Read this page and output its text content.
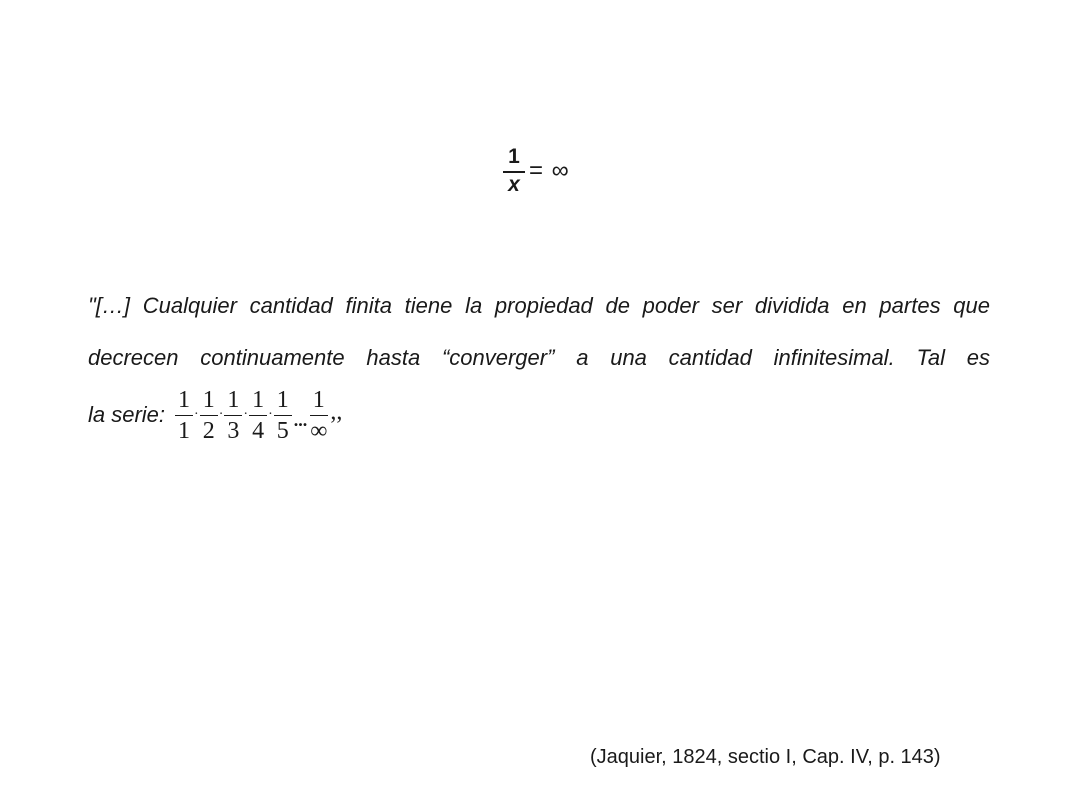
$\frac{1}{x}$ = ∞

"[…] Cualquier cantidad finita tiene la propiedad de poder ser dividida en partes que decrecen continuamente hasta “converger” a una cantidad infinitesimal. Tal es

la serie:
1
1
·
1
2
·
1
3
·
1
4
·
1
5 ...
1
∞
,,
(Jaquier, 1824, sectio I, Cap. IV, p. 143)
